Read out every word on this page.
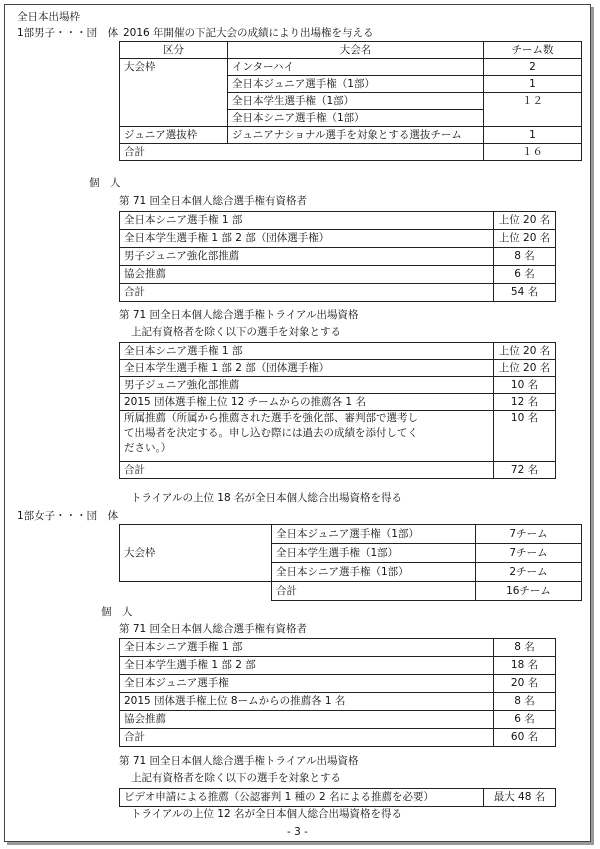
全日本出場枠
1部男子・・・団　体 2016 年開催の下記大会の成績により出場権を与える
区分	大会名	チーム数
大会枠	インターハイ	2
	全日本ジュニア選手権（1部）	1
	全日本学生選手権（1部）	１２
	全日本シニア選手権（1部）	
ジュニア選抜枠	ジュニアナショナル選手を対象とする選抜チーム	1
合計		１６
個　人
第 71 回全日本個人総合選手権有資格者
全日本シニア選手権 1 部	上位 20 名
全日本学生選手権 1 部 2 部（団体選手権）	上位 20 名
男子ジュニア強化部推薦	8 名
協会推薦	6 名
合計	54 名
第 71 回全日本個人総合選手権トライアル出場資格
上記有資格者を除く以下の選手を対象とする
全日本シニア選手権 1 部	上位 20 名
全日本学生選手権 1 部 2 部（団体選手権）	上位 20 名
男子ジュニア強化部推薦	10 名
2015 団体選手権上位 12 チームからの推薦各 1 名	12 名
所属推薦（所属から推薦された選手を強化部、審判部で選考して出場者を決定する。申し込む際には過去の成績を添付してください。）	10 名
合計	72 名
トライアルの上位 18 名が全日本個人総合出場資格を得る
1部女子・・・団　体
大会枠	全日本ジュニア選手権（1部）	7チーム
	全日本学生選手権（1部）	7チーム
	全日本シニア選手権（1部）	2チーム
	合計	16チーム
個　人
第 71 回全日本個人総合選手権有資格者
全日本シニア選手権 1 部	8 名
全日本学生選手権 1 部 2 部	18 名
全日本ジュニア選手権	20 名
2015 団体選手権上位 8ームからの推薦各 1 名	8 名
協会推薦	6 名
合計	60 名
第 71 回全日本個人総合選手権トライアル出場資格
上記有資格者を除く以下の選手を対象とする
ビデオ申請による推薦（公認審判 1 種の 2 名による推薦を必要）	最大 48 名
トライアルの上位 12 名が全日本個人総合出場資格を得る
- 3 -
